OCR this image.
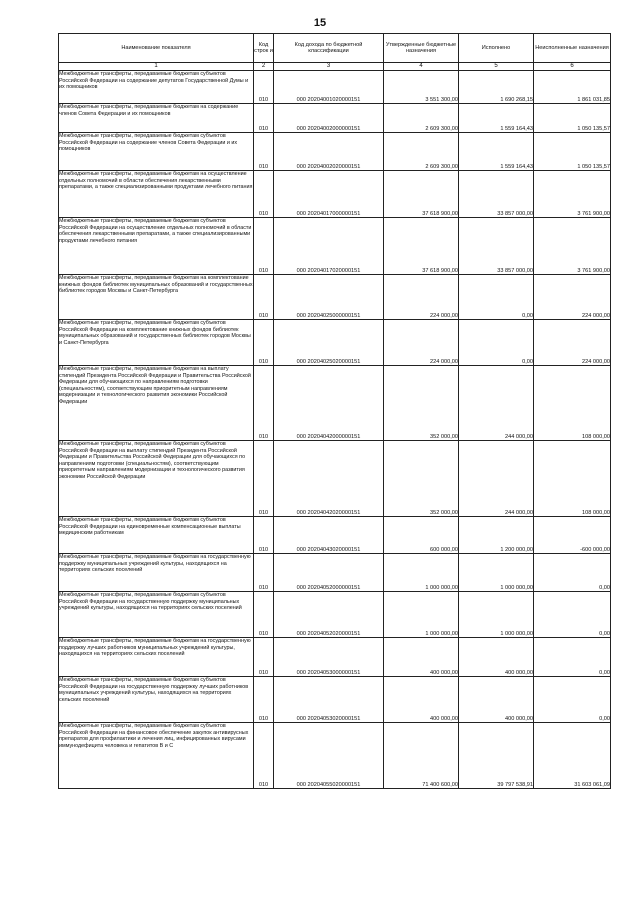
15
Наименование показателя	Код строк и	Код дохода по бюджетной классификации	Утвержденные бюджетные назначения	Исполнено	Неисполненные назначения
1	2	3	4	5	6
Межбюджетные трансферты, передаваемые бюджетам субъектов Российской Федерации на содержание депутатов Государственной Думы и их помощников	010	000 20204001020000151	3 551 300,00	1 690 268,15	1 861 031,85
Межбюджетные трансферты, передаваемые бюджетам на содержание членов Совета Федерации и их помощников	010	000 20204002000000151	2 609 300,00	1 559 164,43	1 050 135,57
Межбюджетные трансферты, передаваемые бюджетам субъектов Российской Федерации на содержание членов Совета Федерации и их помощников	010	000 20204002020000151	2 609 300,00	1 559 164,43	1 050 135,57
Межбюджетные трансферты, передаваемые бюджетам на осуществление отдельных полномочий в области обеспечения лекарственными препаратами, а также специализированными продуктами лечебного питания	010	000 20204017000000151	37 618 900,00	33 857 000,00	3 761 900,00
Межбюджетные трансферты, передаваемые бюджетам субъектов Российской Федерации на осуществление отдельных полномочий в области обеспечения лекарственными препаратами, а также специализированными продуктами лечебного питания	010	000 20204017020000151	37 618 900,00	33 857 000,00	3 761 900,00
Межбюджетные трансферты, передаваемые бюджетам на комплектование книжных фондов библиотек муниципальных образований и государственных библиотек городов Москвы и Санкт-Петербурга	010	000 20204025000000151	224 000,00	0,00	224 000,00
Межбюджетные трансферты, передаваемые бюджетам субъектов Российской Федерации на комплектование книжных фондов библиотек муниципальных образований и государственных библиотек городов Москвы и Санкт-Петербурга	010	000 20204025020000151	224 000,00	0,00	224 000,00
Межбюджетные трансферты, передаваемые бюджетам на выплату стипендий Президента Российской Федерации и Правительства Российской Федерации для обучающихся по направлениям подготовки (специальностям), соответствующим приоритетным направлениям модернизации и технологического развития экономики Российской Федерации	010	000 20204042000000151	352 000,00	244 000,00	108 000,00
Межбюджетные трансферты, передаваемые бюджетам субъектов Российской Федерации на выплату стипендий Президента Российской Федерации и Правительства Российской Федерации для обучающихся по направлениям подготовки (специальностям), соответствующим приоритетным направлениям модернизации и технологического развития экономики Российской Федерации	010	000 20204042020000151	352 000,00	244 000,00	108 000,00
Межбюджетные трансферты, передаваемые бюджетам субъектов Российской Федерации на единовременные компенсационные выплаты медицинским работникам	010	000 20204043020000151	600 000,00	1 200 000,00	-600 000,00
Межбюджетные трансферты, передаваемые бюджетам на государственную поддержку муниципальных учреждений культуры, находящихся на территориях сельских поселений	010	000 20204052000000151	1 000 000,00	1 000 000,00	0,00
Межбюджетные трансферты, передаваемые бюджетам субъектов Российской Федерации на государственную поддержку муниципальных учреждений культуры, находящихся на территориях сельских поселений	010	000 20204052020000151	1 000 000,00	1 000 000,00	0,00
Межбюджетные трансферты, передаваемые бюджетам на государственную поддержку лучших работников муниципальных учреждений культуры, находящихся на территориях сельских поселений	010	000 20204053000000151	400 000,00	400 000,00	0,00
Межбюджетные трансферты, передаваемые бюджетам субъектов Российской Федерации на государственную поддержку лучших работников муниципальных учреждений культуры, находящихся на территориях сельских поселений	010	000 20204053020000151	400 000,00	400 000,00	0,00
Межбюджетные трансферты, передаваемые бюджетам субъектов Российской Федерации на финансовое обеспечение закупок антивирусных препаратов для профилактики и лечения лиц, инфицированных вирусами иммунодефицита человека и гепатитов B и C	010	000 20204055020000151	71 400 600,00	39 797 538,91	31 603 061,09
